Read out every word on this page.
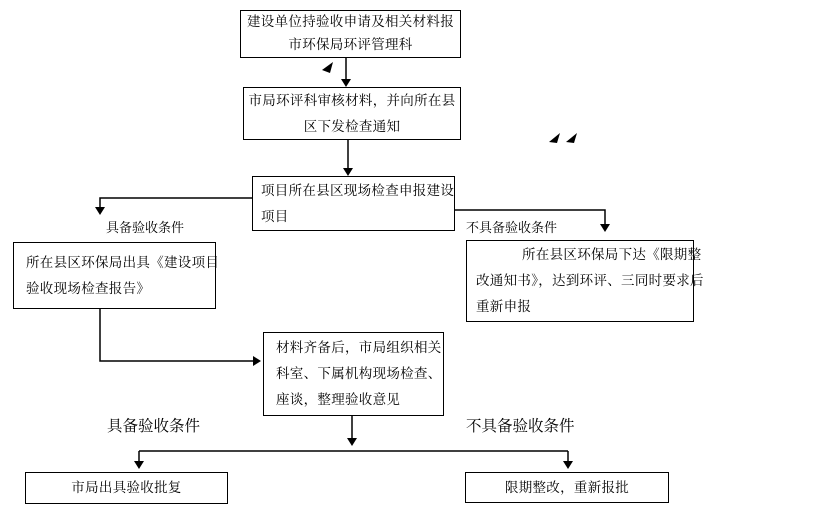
建设单位持验收申请及相关材料报
市环保局环评管理科
市局环评科审核材料，并向所在县
区下发检查通知
项目所在县区现场检查申报建设
项目
所在县区环保局出具《建设项目
验收现场检查报告》
所在县区环保局下达《限期整
改通知书》，达到环评、三同时要求后
重新申报
材料齐备后，市局组织相关
科室、下属机构现场检查、
座谈，整理验收意见
市局出具验收批复	限期整改，重新报批
具备验收条件	不具备验收条件
具备验收条件	不具备验收条件
